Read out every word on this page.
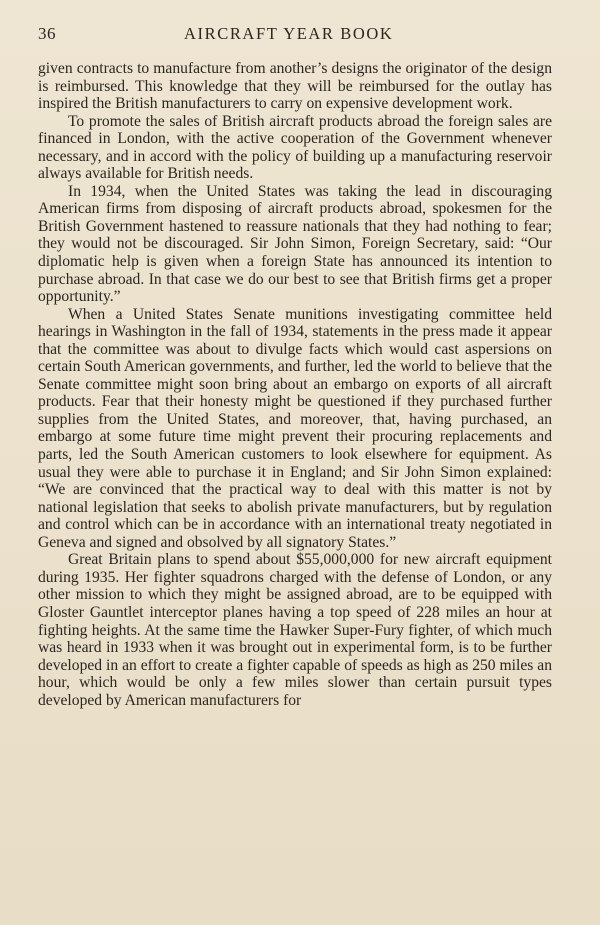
36	AIRCRAFT YEAR BOOK

given contracts to manufacture from another’s designs the originator of the design is reimbursed. This knowledge that they will be reimbursed for the outlay has inspired the British manufacturers to carry on expensive development work.

To promote the sales of British aircraft products abroad the foreign sales are financed in London, with the active cooperation of the Government whenever necessary, and in accord with the policy of building up a manufacturing reservoir always available for British needs.

In 1934, when the United States was taking the lead in discouraging American firms from disposing of aircraft products abroad, spokesmen for the British Government hastened to reassure nationals that they had nothing to fear; they would not be discouraged. Sir John Simon, Foreign Secretary, said: “Our diplomatic help is given when a foreign State has announced its intention to purchase abroad. In that case we do our best to see that British firms get a proper opportunity.”

When a United States Senate munitions investigating committee held hearings in Washington in the fall of 1934, statements in the press made it appear that the committee was about to divulge facts which would cast aspersions on certain South American governments, and further, led the world to believe that the Senate committee might soon bring about an embargo on exports of all aircraft products. Fear that their honesty might be questioned if they purchased further supplies from the United States, and moreover, that, having purchased, an embargo at some future time might prevent their procuring replacements and parts, led the South American customers to look elsewhere for equipment. As usual they were able to purchase it in England; and Sir John Simon explained: “We are convinced that the practical way to deal with this matter is not by national legislation that seeks to abolish private manufacturers, but by regulation and control which can be in accordance with an international treaty negotiated in Geneva and signed and obsolved by all signatory States.”

Great Britain plans to spend about $55,000,000 for new aircraft equipment during 1935. Her fighter squadrons charged with the defense of London, or any other mission to which they might be assigned abroad, are to be equipped with Gloster Gauntlet interceptor planes having a top speed of 228 miles an hour at fighting heights. At the same time the Hawker Super-Fury fighter, of which much was heard in 1933 when it was brought out in experimental form, is to be further developed in an effort to create a fighter capable of speeds as high as 250 miles an hour, which would be only a few miles slower than certain pursuit types developed by American manufacturers for
